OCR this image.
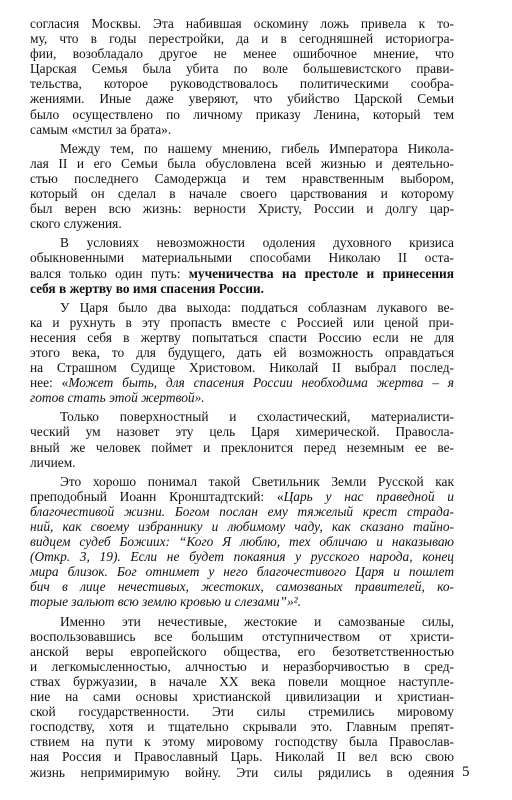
согласия Москвы. Эта набившая оскомину ложь привела к то-
му, что в годы перестройки, да и в сегодняшней историогра-
фии, возобладало другое не менее ошибочное мнение, что
Царская Семья была убита по воле большевистского прави-
тельства, которое руководствовалось политическими сообра-
жениями. Иные даже уверяют, что убийство Царской Семьи
было осуществлено по личному приказу Ленина, который тем
самым «мстил за брата».

Между тем, по нашему мнению, гибель Императора Никола-
лая II и его Семьи была обусловлена всей жизнью и деятельно-
стью последнего Самодержца и тем нравственным выбором,
который он сделал в начале своего царствования и которому
был верен всю жизнь: верности Христу, России и долгу цар-
ского служения.

В условиях невозможности одоления духовного кризиса
обыкновенными материальными способами Николаю II оста-
вался только один путь: мученичества на престоле и принесения
себя в жертву во имя спасения России.

У Царя было два выхода: поддаться соблазнам лукавого ве-
ка и рухнуть в эту пропасть вместе с Россией или ценой при-
несения себя в жертву попытаться спасти Россию если не для
этого века, то для будущего, дать ей возможность оправдаться
на Страшном Судище Христовом. Николай II выбрал послед-
нее: «Может быть, для спасения России необходима жертва – я
готов стать этой жертвой».

Только поверхностный и схоластический, материалисти-
ческий ум назовет эту цель Царя химерической. Правосла-
вный же человек поймет и преклонится перед неземным ее ве-
личием.

Это хорошо понимал такой Светильник Земли Русской как
преподобный Иоанн Кронштадтский: «Царь у нас праведной и
благочестивой жизни. Богом послан ему тяжелый крест страда-
ний, как своему избраннику и любимому чаду, как сказано тайно-
видцем судеб Божиих: “Кого Я люблю, тех обличаю и наказываю
(Откр. 3, 19). Если не будет покаяния у русского народа, конец
мира близок. Бог отнимет у него благочестивого Царя и пошлет
бич в лице нечестивых, жестоких, самозваных правителей, ко-
торые зальют всю землю кровью и слезами”»².

Именно эти нечестивые, жестокие и самозваные силы,
воспользовавшись все большим отступничеством от христи-
анской веры европейского общества, его безответственностью
и легкомысленностью, алчностью и неразборчивостью в сред-
ствах буржуазии, в начале XX века повели мощное наступле-
ние на сами основы христианской цивилизации и христиан-
ской государственности. Эти силы стремились мировому
господству, хотя и тщательно скрывали это. Главным препят-
ствием на пути к этому мировому господству была Православ-
ная Россия и Православный Царь. Николай II вел всю свою
жизнь непримиримую войну. Эти силы рядились в одеяния 5
